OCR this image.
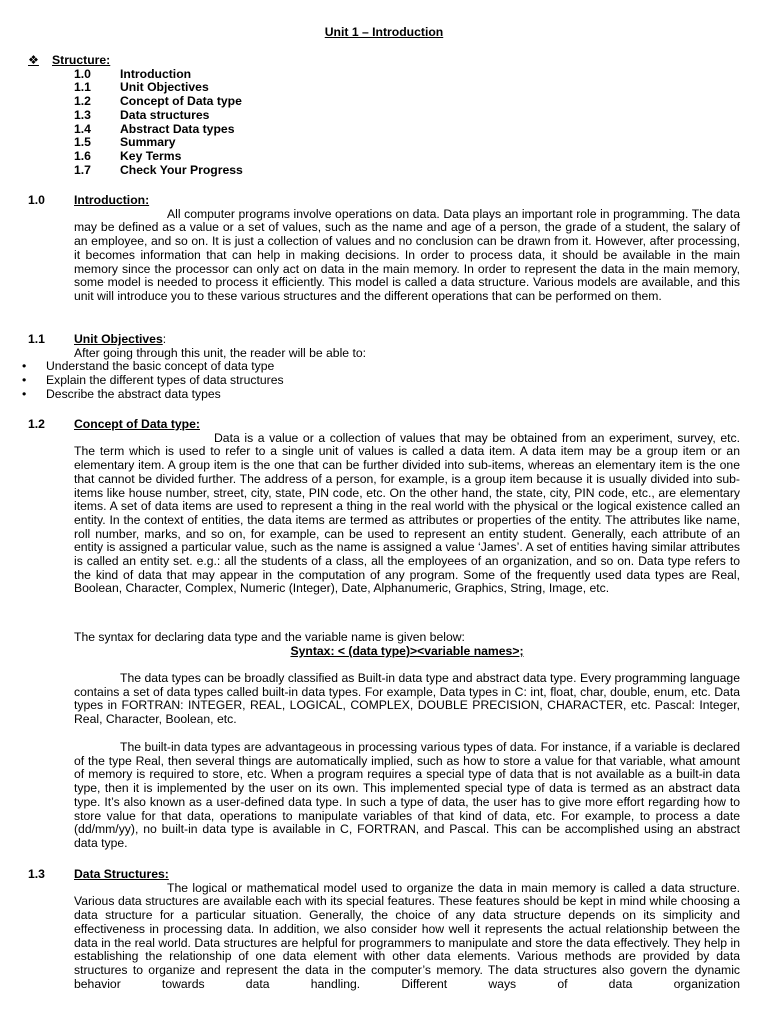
Unit 1 – Introduction
❖	Structure:
1.0	Introduction
1.1	Unit Objectives
1.2	Concept of Data type
1.3	Data structures
1.4	Abstract Data types
1.5	Summary
1.6	Key Terms
1.7	Check Your Progress
1.0	Introduction:
All computer programs involve operations on data. Data plays an important role in programming. The data may be defined as a value or a set of values, such as the name and age of a person, the grade of a student, the salary of an employee, and so on. It is just a collection of values and no conclusion can be drawn from it. However, after processing, it becomes information that can help in making decisions. In order to process data, it should be available in the main memory since the processor can only act on data in the main memory. In order to represent the data in the main memory, some model is needed to process it efficiently. This model is called a data structure. Various models are available, and this unit will introduce you to these various structures and the different operations that can be performed on them.
1.1	Unit Objectives :
After going through this unit, the reader will be able to:
•	Understand the basic concept of data type
•	Explain the different types of data structures
•	Describe the abstract data types
1.2	Concept of Data type:
Data is a value or a collection of values that may be obtained from an experiment, survey, etc. The term which is used to refer to a single unit of values is called a data item. A data item may be a group item or an elementary item. A group item is the one that can be further divided into sub-items, whereas an elementary item is the one that cannot be divided further. The address of a person, for example, is a group item because it is usually divided into sub-items like house number, street, city, state, PIN code, etc. On the other hand, the state, city, PIN code, etc., are elementary items. A set of data items are used to represent a thing in the real world with the physical or the logical existence called an entity. In the context of entities, the data items are termed as attributes or properties of the entity. The attributes like name, roll number, marks, and so on, for example, can be used to represent an entity student. Generally, each attribute of an entity is assigned a particular value, such as the name is assigned a value ‘James’. A set of entities having similar attributes is called an entity set. e.g.: all the students of a class, all the employees of an organization, and so on. Data type refers to the kind of data that may appear in the computation of any program. Some of the frequently used data types are Real, Boolean, Character, Complex, Numeric (Integer), Date, Alphanumeric, Graphics, String, Image, etc.
The syntax for declaring data type and the variable name is given below:
Syntax: < (data type)><variable names>;
The data types can be broadly classified as Built-in data type and abstract data type. Every programming language contains a set of data types called built-in data types. For example, Data types in C: int, float, char, double, enum, etc. Data types in FORTRAN: INTEGER, REAL, LOGICAL, COMPLEX, DOUBLE PRECISION, CHARACTER, etc. Pascal: Integer, Real, Character, Boolean, etc.
The built-in data types are advantageous in processing various types of data. For instance, if a variable is declared of the type Real, then several things are automatically implied, such as how to store a value for that variable, what amount of memory is required to store, etc. When a program requires a special type of data that is not available as a built-in data type, then it is implemented by the user on its own. This implemented special type of data is termed as an abstract data type. It’s also known as a user-defined data type. In such a type of data, the user has to give more effort regarding how to store value for that data, operations to manipulate variables of that kind of data, etc. For example, to process a date (dd/mm/yy), no built-in data type is available in C, FORTRAN, and Pascal. This can be accomplished using an abstract data type.
1.3	Data Structures:
The logical or mathematical model used to organize the data in main memory is called a data structure. Various data structures are available each with its special features. These features should be kept in mind while choosing a data structure for a particular situation. Generally, the choice of any data structure depends on its simplicity and effectiveness in processing data. In addition, we also consider how well it represents the actual relationship between the data in the real world. Data structures are helpful for programmers to manipulate and store the data effectively. They help in establishing the relationship of one data element with other data elements. Various methods are provided by data structures to organize and represent the data in the computer’s memory. The data structures also govern the dynamic behavior towards data handling. Different ways of data organization
